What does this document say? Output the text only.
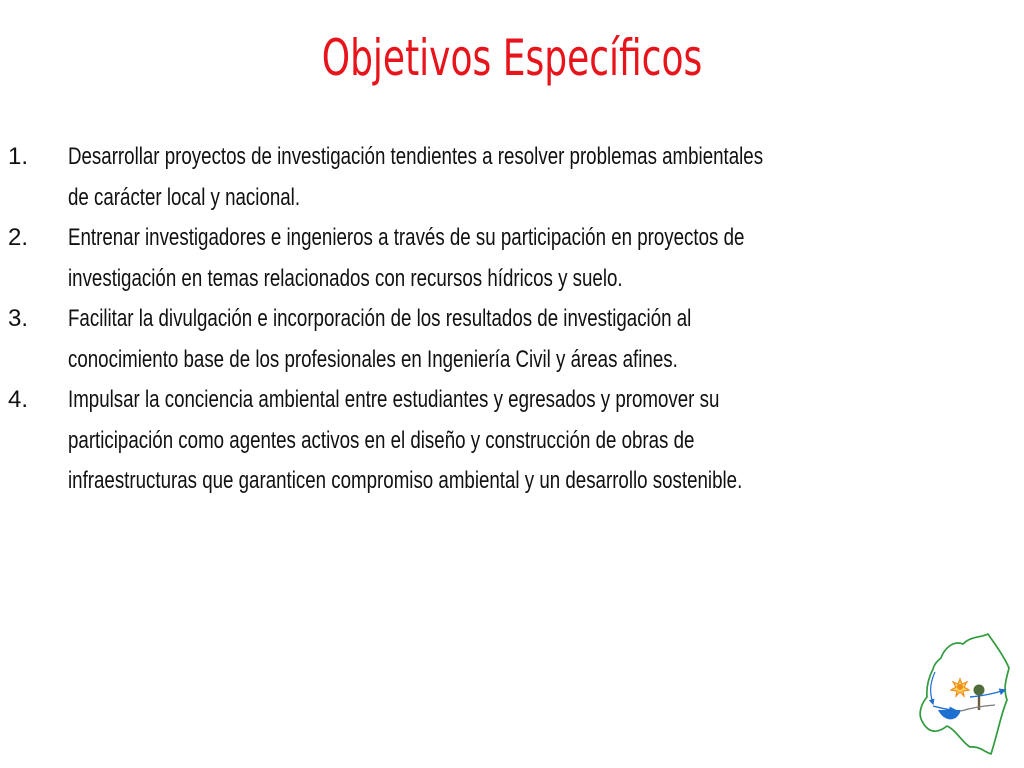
Objetivos Específicos
1.	Desarrollar proyectos de investigación tendientes a resolver problemas ambientales
de carácter local y nacional.
2.	Entrenar investigadores e ingenieros a través de su participación en proyectos de
investigación en temas relacionados con recursos hídricos y suelo.
3.	Facilitar la divulgación e incorporación de los resultados de investigación al
conocimiento base de los profesionales en Ingeniería Civil y áreas afines.
4.	Impulsar la conciencia ambiental entre estudiantes y egresados y promover su
participación como agentes activos en el diseño y construcción de obras de
infraestructuras que garanticen compromiso ambiental y un desarrollo sostenible.
